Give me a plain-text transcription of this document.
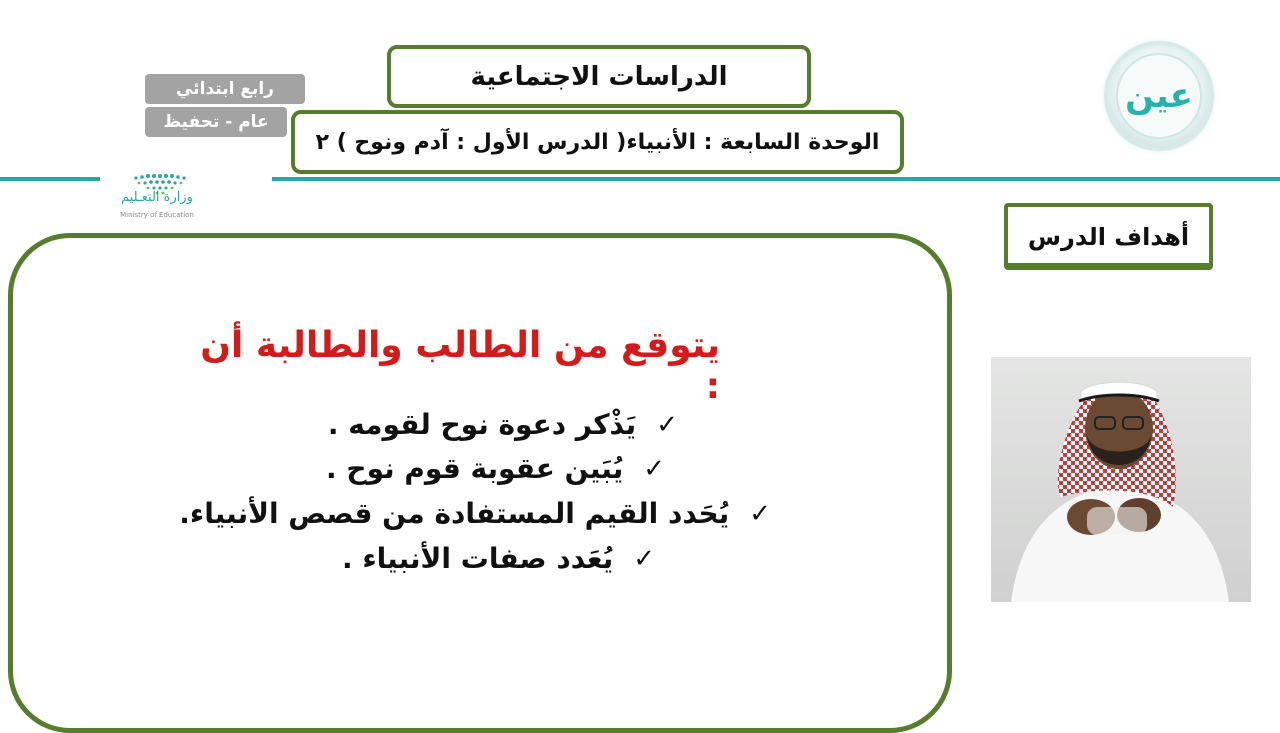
الدراسات الاجتماعية
الوحدة السابعة : الأنبياء( الدرس الأول : آدم ونوح ) ٢
رابع ابتدائي
عام - تحفيظ
وزارة التعـليم
Ministry of Education
عين
أهداف الدرس
يتوقع من الطالب والطالبة أن :
✓
يَذْكر دعوة نوح لقومه .
✓
يُبَين عقوبة قوم نوح .
✓
يُحَدد القيم المستفادة من قصص الأنبياء.
✓
يُعَدد صفات الأنبياء .
